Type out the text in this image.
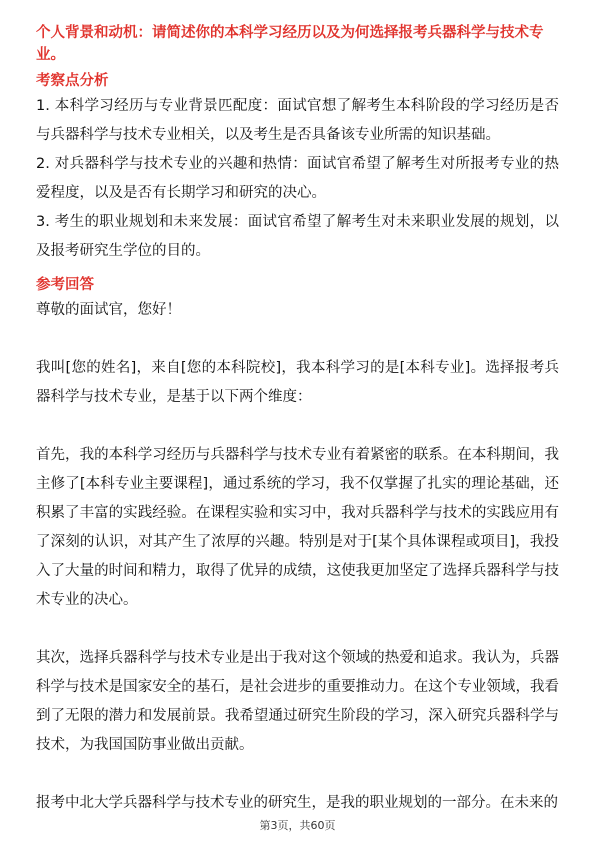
个人背景和动机：请简述你的本科学习经历以及为何选择报考兵器科学与技术专业。

考察点分析

1. 本科学习经历与专业背景匹配度：面试官想了解考生本科阶段的学习经历是否与兵器科学与技术专业相关，以及考生是否具备该专业所需的知识基础。

2. 对兵器科学与技术专业的兴趣和热情：面试官希望了解考生对所报考专业的热爱程度，以及是否有长期学习和研究的决心。

3. 考生的职业规划和未来发展：面试官希望了解考生对未来职业发展的规划，以及报考研究生学位的目的。

参考回答

尊敬的面试官，您好！

我叫[您的姓名]，来自[您的本科院校]，我本科学习的是[本科专业]。选择报考兵器科学与技术专业，是基于以下两个维度：

首先，我的本科学习经历与兵器科学与技术专业有着紧密的联系。在本科期间，我主修了[本科专业主要课程]，通过系统的学习，我不仅掌握了扎实的理论基础，还积累了丰富的实践经验。在课程实验和实习中，我对兵器科学与技术的实践应用有了深刻的认识，对其产生了浓厚的兴趣。特别是对于[某个具体课程或项目]，我投入了大量的时间和精力，取得了优异的成绩，这使我更加坚定了选择兵器科学与技术专业的决心。

其次，选择兵器科学与技术专业是出于我对这个领域的热爱和追求。我认为，兵器科学与技术是国家安全的基石，是社会进步的重要推动力。在这个专业领域，我看到了无限的潜力和发展前景。我希望通过研究生阶段的学习，深入研究兵器科学与技术，为我国国防事业做出贡献。

报考中北大学兵器科学与技术专业的研究生，是我的职业规划的一部分。在未来的

第3页，共60页
